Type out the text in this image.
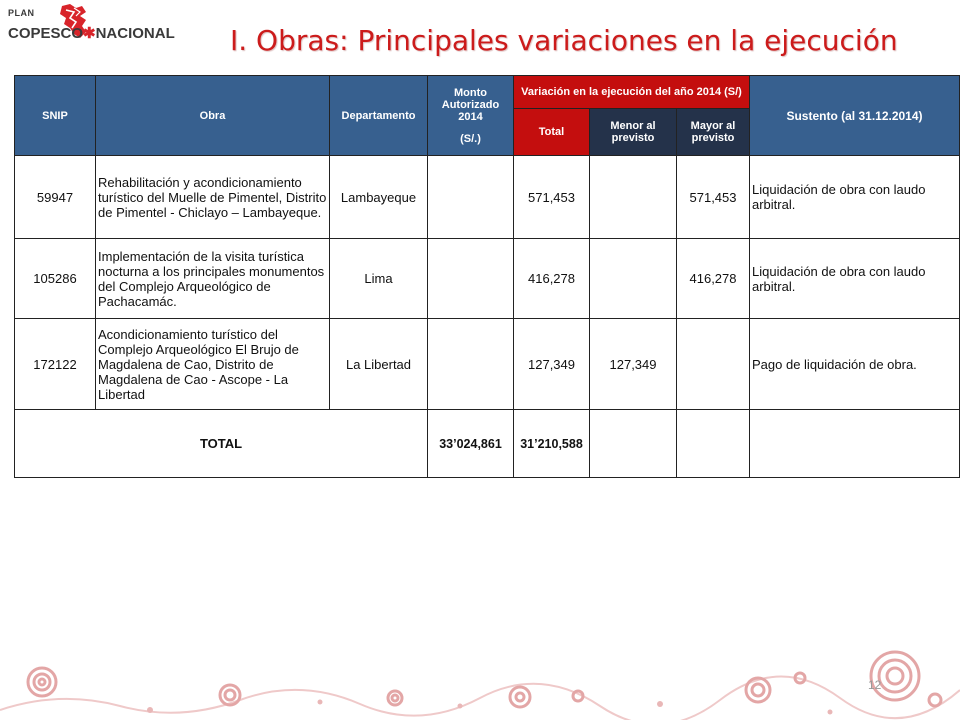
PLAN
COPESCO✱NACIONAL I. Obras: Principales variaciones en la ejecución
SNIP	Obra	Departamento	Monto Autorizado 2014
(S/.)	Variación en la ejecución del año 2014 (S/)			Sustento (al 31.12.2014)
				Total	Menor al previsto	Mayor al previsto	
59947	Rehabilitación y acondicionamiento turístico del Muelle de Pimentel, Distrito de Pimentel - Chiclayo – Lambayeque.	Lambayeque		571,453		571,453	Liquidación de obra con laudo arbitral.
105286	Implementación de la visita turística nocturna a los principales monumentos del Complejo Arqueológico de Pachacamác.	Lima		416,278		416,278	Liquidación de obra con laudo arbitral.
172122	Acondicionamiento turístico del Complejo Arqueológico El Brujo de Magdalena de Cao, Distrito de Magdalena de Cao - Ascope - La Libertad	La Libertad		127,349	127,349		Pago de liquidación de obra.
TOTAL			33’024,861	31’210,588			
12
